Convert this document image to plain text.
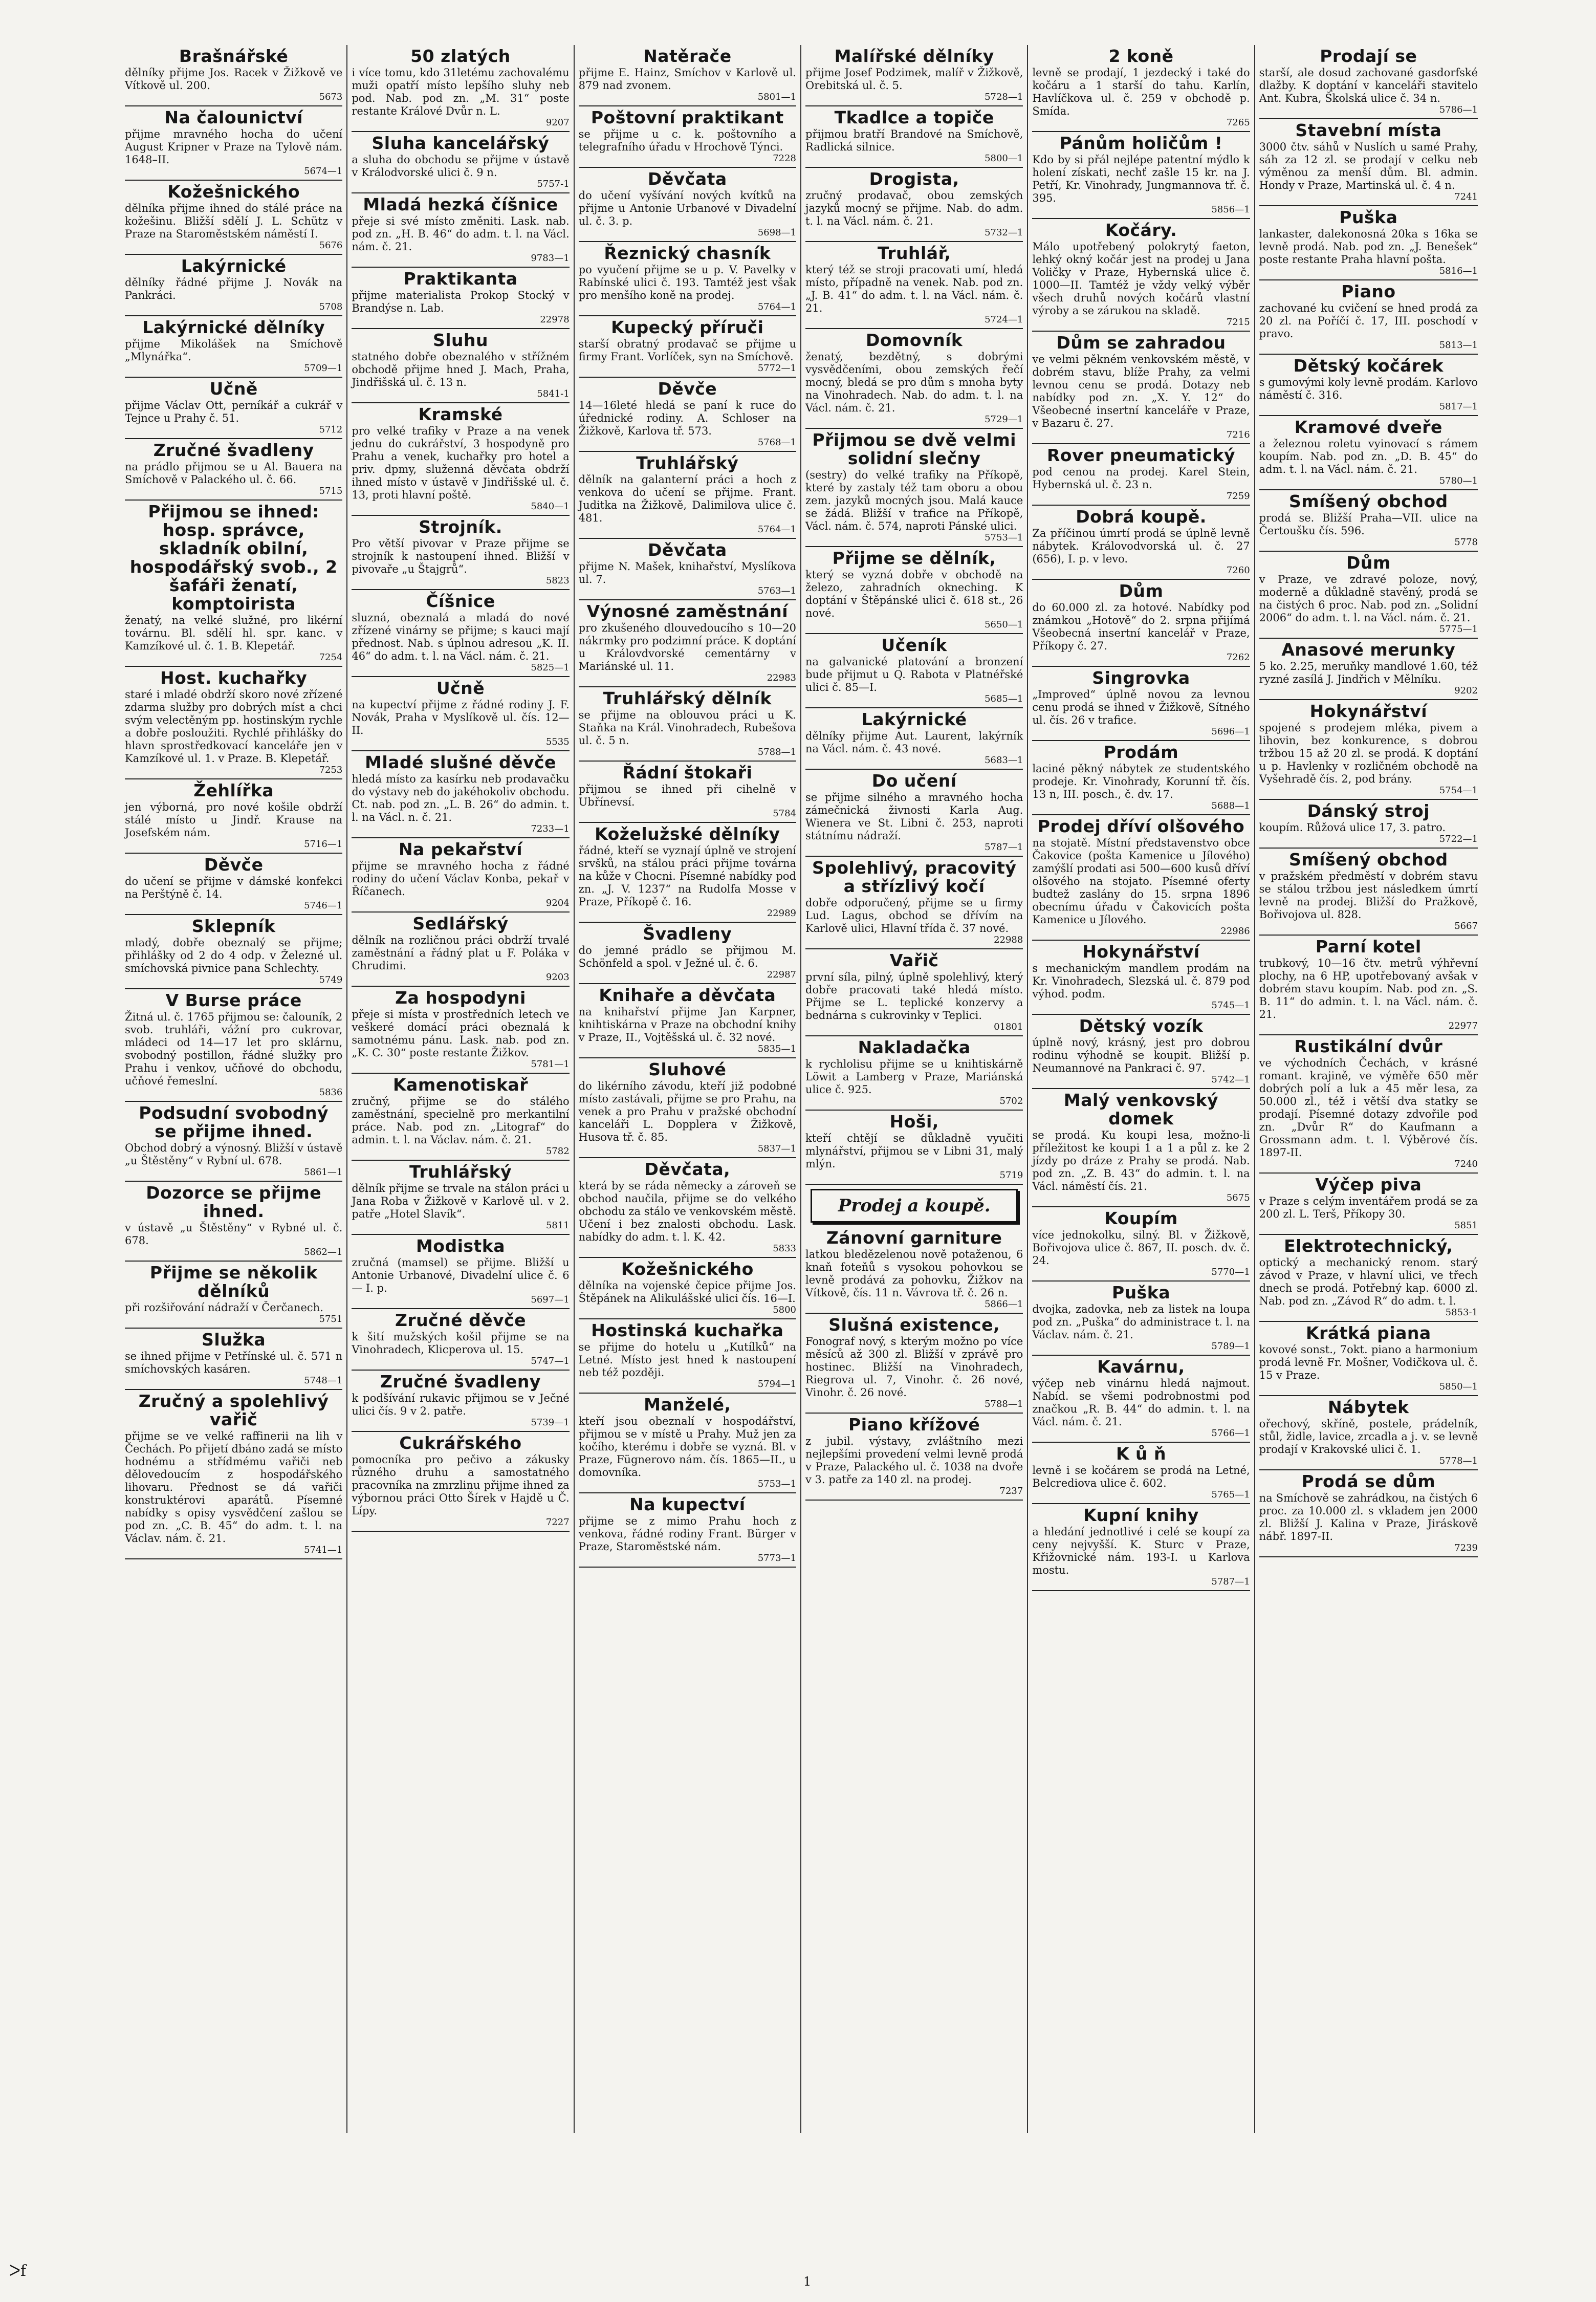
Brašnářské

dělníky přijme Jos. Racek v Žižkově ve Vítkově ul. 200.

5673
Na čalounictví

přijme mravného hocha do učení August Kripner v Praze na Tylově nám. 1648–II.

5674—1
Kožešnického

dělníka přijme ihned do stálé práce na kožešinu. Bližší sdělí J. L. Schütz v Praze na Staroměstském náměstí I.

5676
Lakýrnické

dělníky řádné přijme J. Novák na Pankráci.

5708
Lakýrnické dělníky

přijme Mikolášek na Smíchově „Mlynářka“.

5709—1
Učně

přijme Václav Ott, perníkář a cukrář v Tejnce u Prahy č. 51.

5712
Zručné švadleny

na prádlo přijmou se u Al. Bauera na Smíchově v Palackého ul. č. 66.

5715
Přijmou se ihned: hosp. správce, skladník obilní, hospodářský svob., 2 šafáři ženatí, komptoiristа

ženatý, na velké služné, pro likérní továrnu. Bl. sdělí hl. spr. kanc. v Kamzíkové ul. č. 1. B. Klepetář.

7254
Host. kuchařky

staré i mladé obdrží skoro nové zřízené zdarma služby pro dobrých míst a chci svým velectěným pp. hostinským rychle a dobře posloužiti. Rychlé přihlášky do hlavn sprostředkovací kanceláře jen v Kamzíkové ul. 1. v Praze. B. Klepetář.

7253
Žehlířka

jen výborná, pro nové košile obdrží stálé místo u Jindř. Krause na Josefském nám.

5716—1
Děvče

do učení se přijme v dámské konfekci na Perštýně č. 14.

5746—1
Sklepník

mladý, dobře obeznalý se přijme; přihlášky od 2 do 4 odp. v Železné ul. smíchovská pivnice pana Schlechty.

5749
V Burse práce

Žitná ul. č. 1765 přijmou se: čalouník, 2 svob. truhláři, vážní pro cukrovar, mládeci od 14—17 let pro sklárnu, svobodný postillon, řádné služky pro Prahu i venkov, učňové do obchodu, učňové řemeslní.

5836
Podsudní svobodný se přijme ihned.

Obchod dobrý a výnosný. Bližší v ústavě „u Štěstěny“ v Rybní ul. 678.

5861—1
Dozorce se přijme ihned.

v ústavě „u Štěstěny“ v Rybné ul. č. 678.

5862—1
Přijme se několik dělníků

při rozšiřování nádraží v Čerčanech.

5751
Služka

se ihned přijme v Petřínské ul. č. 571 n smíchovských kasáren.

5748—1
Zručný a spolehlivý vařič

přijme se ve velké raffinerii na lih v Čechách. Po přijetí dbáno zadá se místo hodnému a střídmému vařiči neb dělovedoucím z hospodářského lihovaru. Přednost se dá vařiči konstruktérovi aparátů. Písemné nabídky s opisy vysvědčení zašlou se pod zn. „C. B. 45“ do adm. t. l. na Václav. nám. č. 21.

5741—1
50 zlatých

i více tomu, kdo 31letému zachovalému muži opatří místo lepšího sluhy neb pod. Nab. pod zn. „M. 31“ poste restante Králové Dvůr n. L.

9207
Sluha kancelářský

a sluha do obchodu se přijme v ústavě v Králodvorské ulici č. 9 n.

5757-1
Mladá hezká číšnice

přeje si své místo změniti. Lask. nab. pod zn. „H. B. 46“ do adm. t. l. na Václ. nám. č. 21.

9783—1
Praktikanta

přijme materialista Prokop Stocký v Brandýse n. Lab.

22978
Sluhu

statného dobře obeznalého v střížném obchodě přijme hned J. Mach, Praha, Jindřišská ul. č. 13 n.

5841-1
Kramské

pro velké trafiky v Praze a na venek jednu do cukrářství, 3 hospodyně pro Prahu a venek, kuchařky pro hotel a priv. dpmy, služenná děvčata obdrží ihned místo v ústavě v Jindřišské ul. č. 13, proti hlavní poště.

5840—1
Strojník.

Pro větší pivovar v Praze přijme se strojník k nastoupení ihned. Bližší v pivovaře „u Štajgrů“.

5823
Číšnice

sluzná, obeznalá a mladá do nové zřízené vinárny se přijme; s kauci mají přednost. Nab. s úplnou adresou „K. II. 46“ do adm. t. l. na Václ. nám. č. 21.

5825—1
Učně

na kupectví přijme z řádné rodiny J. F. Novák, Praha v Myslíkově ul. čís. 12—II.

5535
Mladé slušné děvče

hledá místo za kasírku neb prodavačku do výstavy neb do jakéhokoliv obchodu. Ct. nab. pod zn. „L. B. 26“ do admin. t. l. na Václ. n. č. 21.

7233—1
Na pekařství

přijme se mravného hocha z řádné rodiny do učení Václav Konba, pekař v Říčanech.

9204
Sedlářský

dělník na rozličnou práci obdrží trvalé zaměstnání a řádný plat u F. Poláka v Chrudimi.

9203
Za hospodyni

přeje si místa v prostředních letech ve veškeré domácí práci obeznalá k samotnému pánu. Lask. nab. pod zn. „K. C. 30“ poste restante Žižkov.

5781—1
Kamenotiskař

zručný, přijme se do stálého zaměstnání, specielně pro merkantilní práce. Nab. pod zn. „Litograf“ do admin. t. l. na Václav. nám. č. 21.

5782
Truhlářský

dělník přijme se trvale na stálon práci u Jana Roba v Žižkově v Karlově ul. v 2. patře „Hotel Slavík“.

5811
Modistka

zručná (mamsel) se přijme. Bližší u Antonie Urbanové, Divadelní ulice č. 6 — I. p.

5697—1
Zručné děvče

k šití mužských košil přijme se na Vinohradech, Klicperova ul. 15.

5747—1
Zručné švadleny

k podšívání rukavic přijmou se v Ječné ulici čís. 9 v 2. patře.

5739—1
Cukrářského

pomocníka pro pečivo a zákusky různého druhu a samostatného pracovníka na zmrzlinu přijme ihned za výbornou práci Otto Šírek v Hajdě u Č. Lípy.

7227
Natěrače

přijme E. Hainz, Smíchov v Karlově ul. 879 nad zvonem.

5801—1
Poštovní praktikant

se přijme u c. k. poštovního a telegrafního úřadu v Hrochově Týnci.

7228
Děvčata

do učení vyšívání nových kvítků na přijme u Antonie Urbanové v Divadelní ul. č. 3. p.

5698—1
Řeznický chasník

po vyučení přijme se u p. V. Pavelky v Rabínské ulici č. 193. Tamtéž jest však pro menšího koně na prodej.

5764—1
Kupecký příruči

starší obratný prodavač se přijme u firmy Frant. Vorlíček, syn na Smíchově.

5772—1
Děvče

14—16leté hledá se paní k ruce do úřednické rodiny. A. Schloser na Žižkově, Karlova tř. 573.

5768—1
Truhlářský

dělník na galanterní práci a hoch z venkova do učení se přijme. Frant. Juditka na Žižkově, Dalimilova ulice č. 481.

5764—1
Děvčata

přijme N. Mašek, knihařství, Myslíkova ul. 7.

5763—1
Výnosné zaměstnání

pro zkušeného dlouvedoucího s 10—20 nákrmky pro podzimní práce. K doptání u Královdvorské cementárny v Mariánské ul. 11.

22983
Truhlářský dělník

se přijme na oblouvou práci u K. Staňka na Král. Vinohradech, Rubešova ul. č. 5 n.

5788—1
Řádní štokaři

přijmou se ihned při cihelně v Ubřínevsí.

5784
Koželužské dělníky

řádné, kteří se vyznají úplně ve strojení srvšků, na stálou práci přijme továrna na kůže v Chocni. Písemné nabídky pod zn. „J. V. 1237“ na Rudolfa Mosse v Praze, Příkopě č. 16.

22989
Švadleny

do jemné prádlo se přijmou M. Schönfeld a spol. v Ježné ul. č. 6.

22987
Knihaře a děvčata

na knihařství přijme Jan Karpner, knihtiskárna v Praze na obchodní knihy v Praze, II., Vojtěšská ul. č. 32 nové.

5835—1
Sluhové

do likérního závodu, kteří již podobné místo zastávali, přijme se pro Prahu, na venek a pro Prahu v pražské obchodní kanceláři L. Dopplera v Žižkově, Husova tř. č. 85.

5837—1
Děvčata,

která by se ráda německy a zároveň se obchod naučila, přijme se do velkého obchodu za stálo ve venkovském městě. Učení i bez znalosti obchodu. Lask. nabídky do adm. t. l. K. 42.

5833
Kožešnického

dělníka na vojenské čepice přijme Jos. Štěpánek na Alikulášské ulici čís. 16—I.

5800
Hostinská kuchařka

se přijme do hotelu u „Kutílků“ na Letné. Místo jest hned k nastoupení neb též později.

5794—1
Manželé,

kteří jsou obeznalí v hospodářství, přijmou se v místě u Prahy. Muž jen za kočího, kterému i dobře se vyzná. Bl. v Praze, Fügnerovo nám. čís. 1865—II., u domovníka.

5753—1
Na kupectví

přijme se z mimo Prahu hoch z venkova, řádné rodiny Frant. Bürger v Praze, Staroměstské nám.

5773—1
Malířské dělníky

přijme Josef Podzimek, malíř v Žižkově, Orebitská ul. č. 5.

5728—1
Tkadlce a topiče

přijmou bratří Brandové na Smíchově, Radlická silnice.

5800—1
Drogista,

zručný prodavač, obou zemských jazyků mocný se přijme. Nab. do adm. t. l. na Václ. nám. č. 21.

5732—1
Truhlář,

který též se stroji pracovati umí, hledá místo, případně na venek. Nab. pod zn. „J. B. 41“ do adm. t. l. na Václ. nám. č. 21.

5724—1
Domovník

ženatý, bezdětný, s dobrými vysvědčeními, obou zemských řečí mocný, bledá se pro dům s mnoha byty na Vinohradech. Nab. do adm. t. l. na Václ. nám. č. 21.

5729—1
Přijmou se dvě velmi solidní slečny

(sestry) do velké trafiky na Příkopě, které by zastaly též tam oboru a obou zem. jazyků mocných jsou. Malá kauce se žádá. Bližší v trafice na Příkopě, Václ. nám. č. 574, naproti Pánské ulici.

5753—1
Přijme se dělník,

který se vyzná dobře v obchodě na železo, zahradních okneching. K doptání v Štěpánské ulici č. 618 st., 26 nové.

5650—1
Učeník

na galvanické platování a bronzení bude přijmut u Q. Rabota v Platnéřské ulici č. 85—I.

5685—1
Lakýrnické

dělníky přijme Aut. Laurent, lakýrník na Václ. nám. č. 43 nové.

5683—1
Do učení

se přijme silného a mravného hocha zámečnická živnosti Karla Aug. Wienera ve St. Libni č. 253, naproti státnímu nádraží.

5787—1
Spolehlivý, pracovitý a střízlivý kočí

dobře odporučený, přijme se u firmy Lud. Lagus, obchod se dřívím na Karlově ulici, Hlavní třída č. 37 nové.

22988
Vařič

první síla, pilný, úplně spolehlivý, který dobře pracovati také hledá místo. Přijme se L. teplické konzervy a bednárna s cukrovinky v Teplici.

01801
Nakladačka

k rychlolisu přijme se u knihtiskárně Löwit a Lamberg v Praze, Mariánská ulice č. 925.

5702
Hoši,

kteří chtějí se důkladně vyučiti mlynářství, přijmou se v Libni 31, malý mlýn.

5719
Prodej a koupě.
Zánovní garniture

latkou bledězelenou nově potaženou, 6 knaň foteňů s vysokou pohovkou se levně prodává za pohovku, Žižkov na Vítkově, čís. 11 n. Vávrova tř. č. 26 n.

5866—1
Slušná existence,

Fonograf nový, s kterým možno po více měsíců až 300 zl. Bližší v zprávě pro hostinec. Bližší na Vinohradech, Riegrova ul. 7, Vinohr. č. 26 nové, Vinohr. č. 26 nové.

5788—1
Piano křížové

z jubil. výstavy, zvláštního mezi nejlepšími provedení velmi levně prodá v Praze, Palackého ul. č. 1038 na dvoře v 3. patře za 140 zl. na prodej.

7237
2 koně

levně se prodají, 1 jezdecký i také do kočáru a 1 starší do tahu. Karlín, Havlíčkova ul. č. 259 v obchodě p. Smída.

7265
Pánům holičům !

Kdo by si přál nejlépe patentní mýdlo k holení získati, nechť zašle 15 kr. na J. Petří, Kr. Vinohrady, Jungmannova tř. č. 395.

5856—1
Kočáry.

Málo upotřebený polokrytý faeton, lehký okný kočár jest na prodej u Jana Voličky v Praze, Hybernská ulice č. 1000—II. Tamtéž je vždy velký výběr všech druhů nových kočárů vlastní výroby a se zárukou na skladě.

7215
Dům se zahradou

ve velmi pěkném venkovském městě, v dobrém stavu, blíže Prahy, za velmi levnou cenu se prodá. Dotazy neb nabídky pod zn. „X. Y. 12“ do Všeobecné insertní kanceláře v Praze, v Bazaru č. 27.

7216
Rover pneumatický

pod cenou na prodej. Karel Stein, Hybernská ul. č. 23 n.

7259
Dobrá koupě.

Za příčinou úmrtí prodá se úplně levně nábytek. Královodvorská ul. č. 27 (656), I. p. v levo.

7260
Dům

do 60.000 zl. za hotové. Nabídky pod známkou „Hotově“ do 2. srpna přijímá Všeobecná insertní kancelář v Praze, Příkopy č. 27.

7262
Singrovka

„Improved“ úplně novou za levnou cenu prodá se ihned v Žižkově, Sítného ul. čís. 26 v trafice.

5696—1
Prodám

laciné pěkný nábytek ze studentského prodeje. Kr. Vinohrady, Korunní tř. čís. 13 n, III. posch., č. dv. 17.

5688—1
Prodej dříví olšového

na stojatě. Místní představenstvo obce Čakovice (pošta Kamenice u Jílového) zamýšlí prodati asi 500—600 kusů dříví olšového na stojato. Písemné oferty budtež zaslány do 15. srpna 1896 obecnímu úřadu v Čakovicích pošta Kamenice u Jílového.

22986
Hokynářství

s mechanickým mandlem prodám na Kr. Vinohradech, Slezská ul. č. 879 pod výhod. podm.

5745—1
Dětský vozík

úplně nový, krásný, jest pro dobrou rodinu výhodně se koupit. Bližší p. Neumannové na Pankraci č. 97.

5742—1
Malý venkovský domek

se prodá. Ku koupi lesa, možno-li příležitost ke koupi 1 a 1 a půl z. ke 2 jízdy po dráze z Prahy se prodá. Nab. pod zn. „Z. B. 43“ do admin. t. l. na Václ. náměstí čís. 21.

5675
Koupím

více jednokolku, silný. Bl. v Žižkově, Bořivojova ulice č. 867, II. posch. dv. č. 24.

5770—1
Puška

dvojka, zadovka, neb za listek na loupa pod zn. „Puška“ do administrace t. l. na Václav. nám. č. 21.

5789—1
Kavárnu,

výčep neb vinárnu hledá najmout. Nabíd. se všemi podrobnostmi pod značkou „R. B. 44“ do admin. t. l. na Václ. nám. č. 21.

5766—1
K ů ň

levně i se kočárem se prodá na Letné, Belcrediova ulice č. 602.

5765—1
Kupní knihy

a hledání jednotlivé i celé se koupí za ceny nejvyšší. K. Sturc v Praze, Křižovnické nám. 193-I. u Karlova mostu.

5787—1
Prodají se

starší, ale dosud zachované gasdorfské dlažby. K doptání v kanceláři stavitelo Ant. Kubra, Školská ulice č. 34 n.

5786—1
Stavební místa

3000 čtv. sáhů v Nuslích u samé Prahy, sáh za 12 zl. se prodají v celku neb výměnou za menší dům. Bl. admin. Hondy v Praze, Martinská ul. č. 4 n.

7241
Puška

lankaster, dalekonosná 20ka s 16ka se levně prodá. Nab. pod zn. „J. Benešek“ poste restante Praha hlavní pošta.

5816—1
Piano

zachované ku cvičení se hned prodá za 20 zl. na Poříčí č. 17, III. poschodí v pravo.

5813—1
Dětský kočárek

s gumovými koly levně prodám. Karlovo náměstí č. 316.

5817—1
Kramové dveře

a železnou roletu vyinovací s rámem koupím. Nab. pod zn. „D. B. 45“ do adm. t. l. na Václ. nám. č. 21.

5780—1
Smíšený obchod

prodá se. Bližší Praha—VII. ulice na Čertoušku čís. 596.

5778
Dům

v Praze, ve zdravé poloze, nový, moderně a důkladně stavěný, prodá se na čistých 6 proc. Nab. pod zn. „Solidní 2006“ do adm. t. l. na Václ. nám. č. 21.

5775—1
Anasové merunky

5 ko. 2.25, meruňky mandlové 1.60, též ryzné zasílá J. Jindřich v Mělníku.

9202
Hokynářství

spojené s prodejem mléka, pivem a lihovin, bez konkurence, s dobrou tržbou 15 až 20 zl. se prodá. K doptání u p. Havlenky v rozličném obchodě na Vyšehradě čís. 2, pod brány.

5754—1
Dánský stroj

koupím. Růžová ulice 17, 3. patro.

5722—1
Smíšený obchod

v pražském předměstí v dobrém stavu se stálou tržbou jest následkem úmrtí levně na prodej. Bližší do Pražkově, Bořivojova ul. 828.

5667
Parní kotel

trubkový, 10—16 čtv. metrů výhřevní plochy, na 6 HP, upotřebovaný avšak v dobrém stavu koupím. Nab. pod zn. „S. B. 11“ do admin. t. l. na Václ. nám. č. 21.

22977
Rustikální dvůr

ve východních Čechách, v krásné romant. krajině, ve výměře 650 měr dobrých polí a luk a 45 měr lesa, za 50.000 zl., též i větší dva statky se prodají. Písemné dotazy zdvořile pod zn. „Dvůr R“ do Kaufmann a Grossmann adm. t. l. Výběrové čís. 1897-II.

7240
Výčep piva

v Praze s celým inventářem prodá se za 200 zl. L. Terš, Příkopy 30.

5851
Elektrotechnický,

optický a mechanický renom. starý závod v Praze, v hlavní ulici, ve třech dnech se prodá. Potřebný kap. 6000 zl. Nab. pod zn. „Závod R“ do adm. t. l.

5853-1
Krátká piana

kovové sonst., 7okt. piano a harmonium prodá levně Fr. Mošner, Vodičkova ul. č. 15 v Praze.

5850—1
Nábytek

ořechový, skříně, postele, prádelník, stůl, židle, lavice, zrcadla a j. v. se levně prodají v Krakovské ulici č. 1.

5778—1
Prodá se dům

na Smíchově se zahrádkou, na čistých 6 proc. za 10.000 zl. s vkladem jen 2000 zl. Bližší J. Kalina v Praze, Jiráskově nábř. 1897-II.

7239
ᐳf
1
